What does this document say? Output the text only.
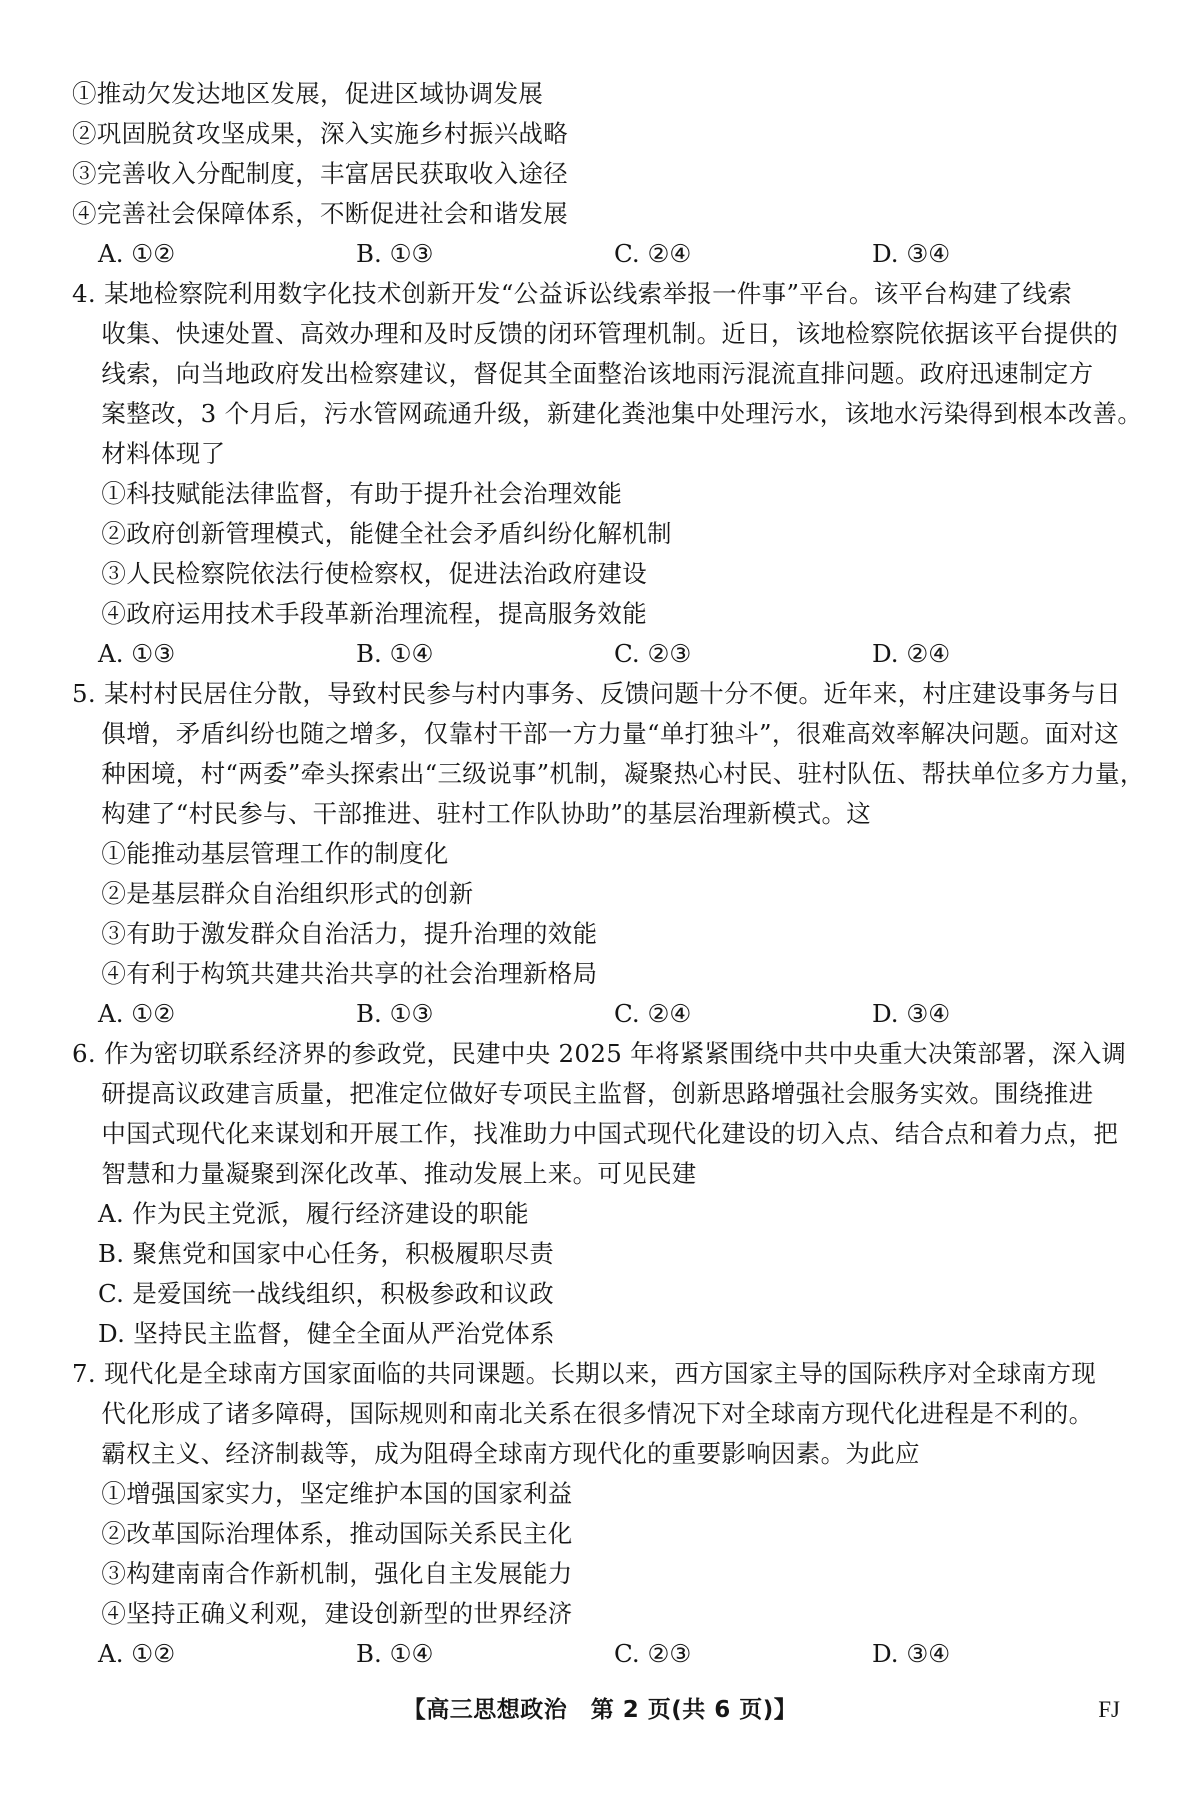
①推动欠发达地区发展，促进区域协调发展
②巩固脱贫攻坚成果，深入实施乡村振兴战略
③完善收入分配制度，丰富居民获取收入途径
④完善社会保障体系，不断促进社会和谐发展
A. ①②	B. ①③	C. ②④	D. ③④
4. 某地检察院利用数字化技术创新开发“公益诉讼线索举报一件事”平台。该平台构建了线索
收集、快速处置、高效办理和及时反馈的闭环管理机制。近日，该地检察院依据该平台提供的
线索，向当地政府发出检察建议，督促其全面整治该地雨污混流直排问题。政府迅速制定方
案整改，3 个月后，污水管网疏通升级，新建化粪池集中处理污水，该地水污染得到根本改善。
材料体现了
①科技赋能法律监督，有助于提升社会治理效能
②政府创新管理模式，能健全社会矛盾纠纷化解机制
③人民检察院依法行使检察权，促进法治政府建设
④政府运用技术手段革新治理流程，提高服务效能
A. ①③	B. ①④	C. ②③	D. ②④
5. 某村村民居住分散，导致村民参与村内事务、反馈问题十分不便。近年来，村庄建设事务与日
俱增，矛盾纠纷也随之增多，仅靠村干部一方力量“单打独斗”，很难高效率解决问题。面对这
种困境，村“两委”牵头探索出“三级说事”机制，凝聚热心村民、驻村队伍、帮扶单位多方力量，
构建了“村民参与、干部推进、驻村工作队协助”的基层治理新模式。这
①能推动基层管理工作的制度化
②是基层群众自治组织形式的创新
③有助于激发群众自治活力，提升治理的效能
④有利于构筑共建共治共享的社会治理新格局
A. ①②	B. ①③	C. ②④	D. ③④
6. 作为密切联系经济界的参政党，民建中央 2025 年将紧紧围绕中共中央重大决策部署，深入调
研提高议政建言质量，把准定位做好专项民主监督，创新思路增强社会服务实效。围绕推进
中国式现代化来谋划和开展工作，找准助力中国式现代化建设的切入点、结合点和着力点，把
智慧和力量凝聚到深化改革、推动发展上来。可见民建
A. 作为民主党派，履行经济建设的职能
B. 聚焦党和国家中心任务，积极履职尽责
C. 是爱国统一战线组织，积极参政和议政
D. 坚持民主监督，健全全面从严治党体系
7. 现代化是全球南方国家面临的共同课题。长期以来，西方国家主导的国际秩序对全球南方现
代化形成了诸多障碍，国际规则和南北关系在很多情况下对全球南方现代化进程是不利的。
霸权主义、经济制裁等，成为阻碍全球南方现代化的重要影响因素。为此应
①增强国家实力，坚定维护本国的国家利益
②改革国际治理体系，推动国际关系民主化
③构建南南合作新机制，强化自主发展能力
④坚持正确义利观，建设创新型的世界经济
A. ①②	B. ①④	C. ②③	D. ③④
【高三思想政治　第 2 页(共 6 页)】	FJ
